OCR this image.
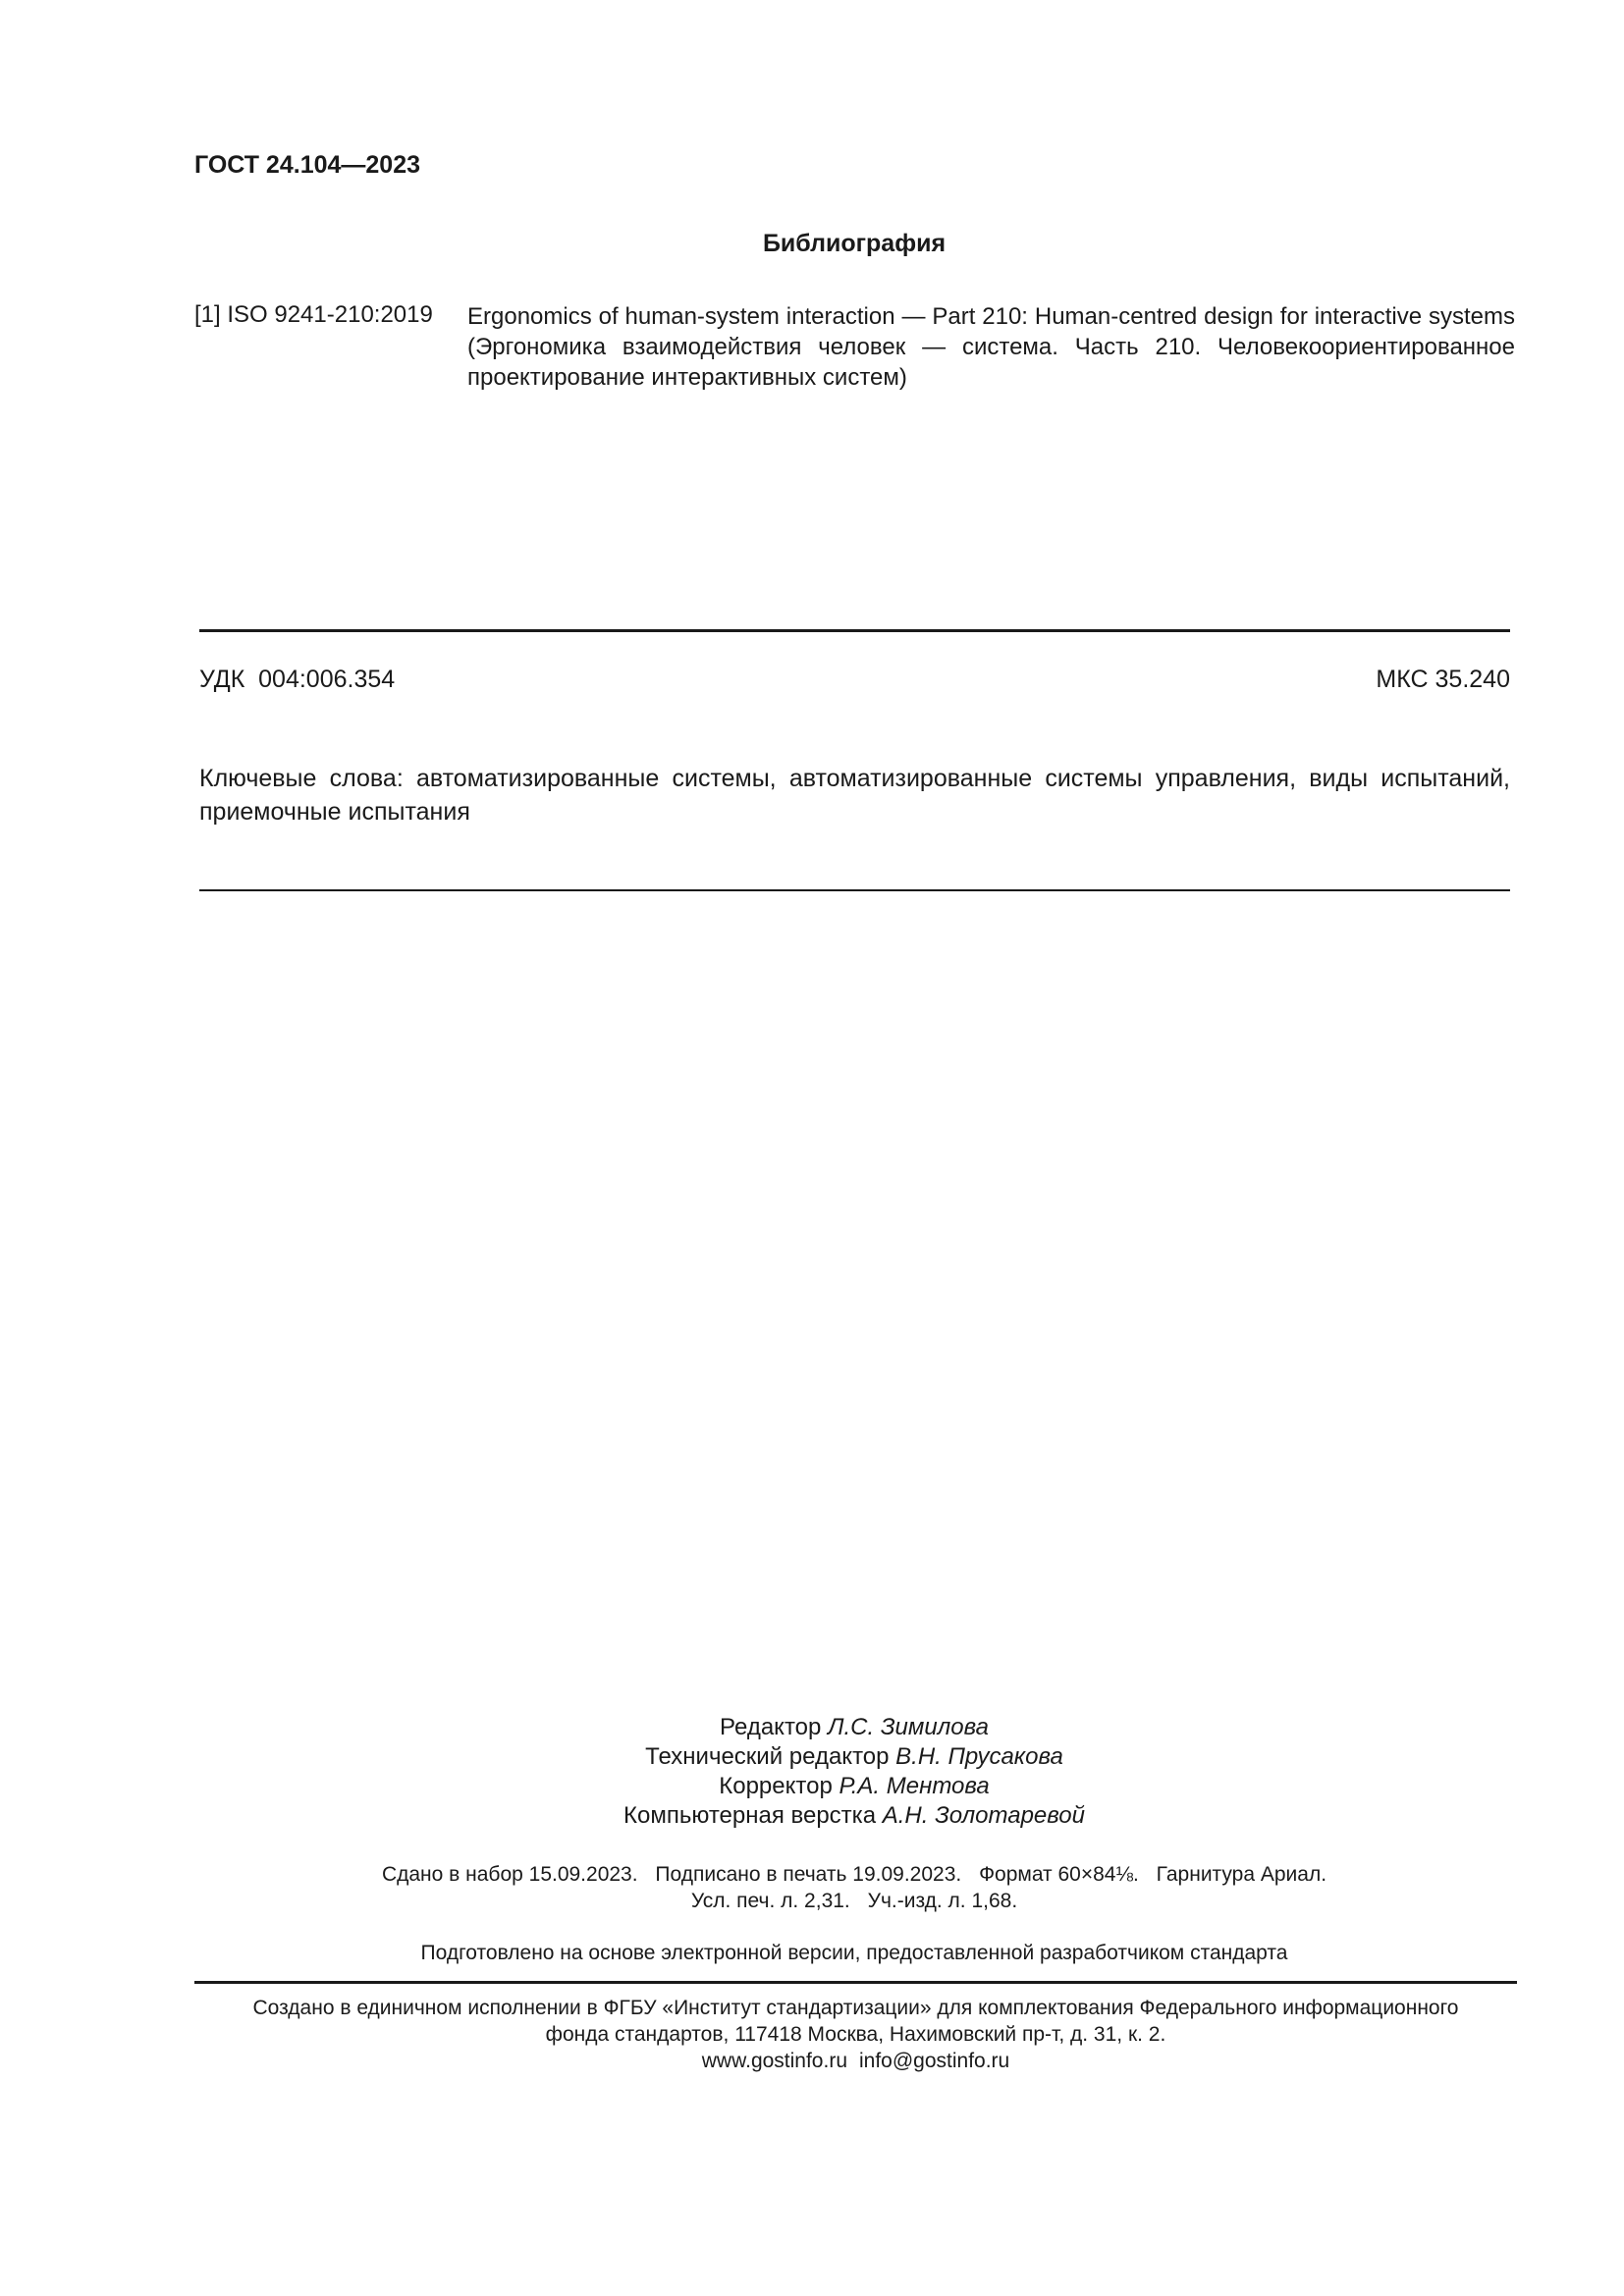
ГОСТ 24.104—2023
Библиография
[1] ISO 9241-210:2019 Ergonomics of human-system interaction — Part 210: Human-centred design for interactive systems (Эргономика взаимодействия человек — система. Часть 210. Человекоориентированное проектирование интерактивных систем)
УДК  004:006.354	МКС 35.240
Ключевые слова: автоматизированные системы, автоматизированные системы управления, виды испытаний, приемочные испытания
Редактор Л.С. Зимилова
Технический редактор В.Н. Прусакова
Корректор Р.А. Ментова
Компьютерная верстка А.Н. Золотаревой
Сдано в набор 15.09.2023. Подписано в печать 19.09.2023. Формат 60×84⅛. Гарнитура Ариал.
Усл. печ. л. 2,31. Уч.-изд. л. 1,68.
Подготовлено на основе электронной версии, предоставленной разработчиком стандарта
Создано в единичном исполнении в ФГБУ «Институт стандартизации» для комплектования Федерального информационного
фонда стандартов, 117418 Москва, Нахимовский пр-т, д. 31, к. 2.
www.gostinfo.ru info@gostinfo.ru
